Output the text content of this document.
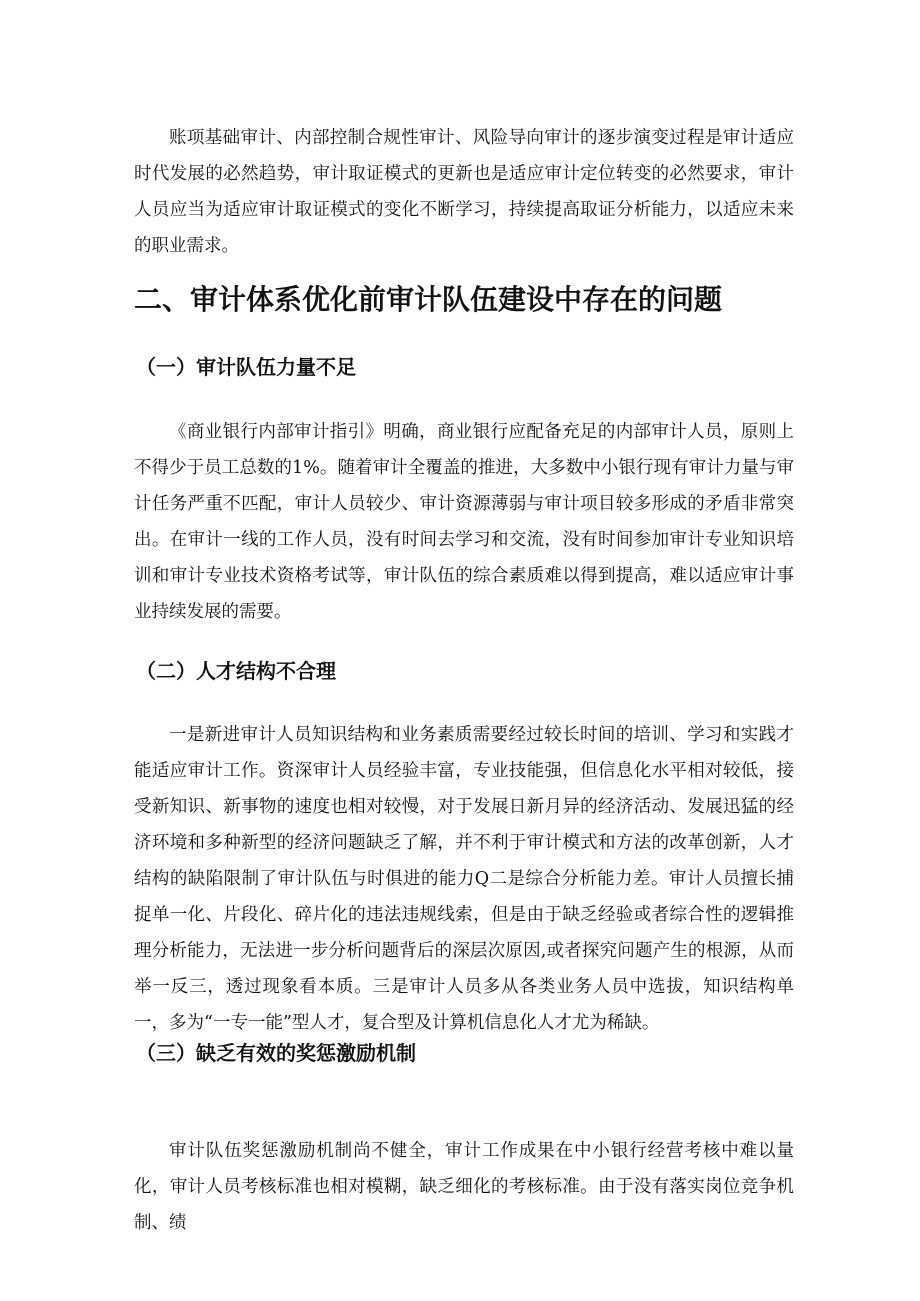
账项基础审计、内部控制合规性审计、风险导向审计的逐步演变过程是审计适应时代发展的必然趋势，审计取证模式的更新也是适应审计定位转变的必然要求，审计人员应当为适应审计取证模式的变化不断学习，持续提高取证分析能力，以适应未来的职业需求。

二、审计体系优化前审计队伍建设中存在的问题
（一）审计队伍力量不足

《商业银行内部审计指引》明确，商业银行应配备充足的内部审计人员，原则上不得少于员工总数的1%。随着审计全覆盖的推进，大多数中小银行现有审计力量与审计任务严重不匹配，审计人员较少、审计资源薄弱与审计项目较多形成的矛盾非常突出。在审计一线的工作人员，没有时间去学习和交流，没有时间参加审计专业知识培训和审计专业技术资格考试等，审计队伍的综合素质难以得到提高，难以适应审计事业持续发展的需要。

（二）人才结构不合理

一是新进审计人员知识结构和业务素质需要经过较长时间的培训、学习和实践才能适应审计工作。资深审计人员经验丰富，专业技能强，但信息化水平相对较低，接受新知识、新事物的速度也相对较慢，对于发展日新月异的经济活动、发展迅猛的经济环境和多种新型的经济问题缺乏了解，并不利于审计模式和方法的改革创新，人才结构的缺陷限制了审计队伍与时俱进的能力Q二是综合分析能力差。审计人员擅长捕捉单一化、片段化、碎片化的违法违规线索，但是由于缺乏经验或者综合性的逻辑推理分析能力，无法进一步分析问题背后的深层次原因,或者探究问题产生的根源，从而举一反三，透过现象看本质。三是审计人员多从各类业务人员中选拔，知识结构单一，多为“一专一能”型人才，复合型及计算机信息化人才尤为稀缺。

（三）缺乏有效的奖惩激励机制

审计队伍奖惩激励机制尚不健全，审计工作成果在中小银行经营考核中难以量化，审计人员考核标准也相对模糊，缺乏细化的考核标准。由于没有落实岗位竞争机制、绩
